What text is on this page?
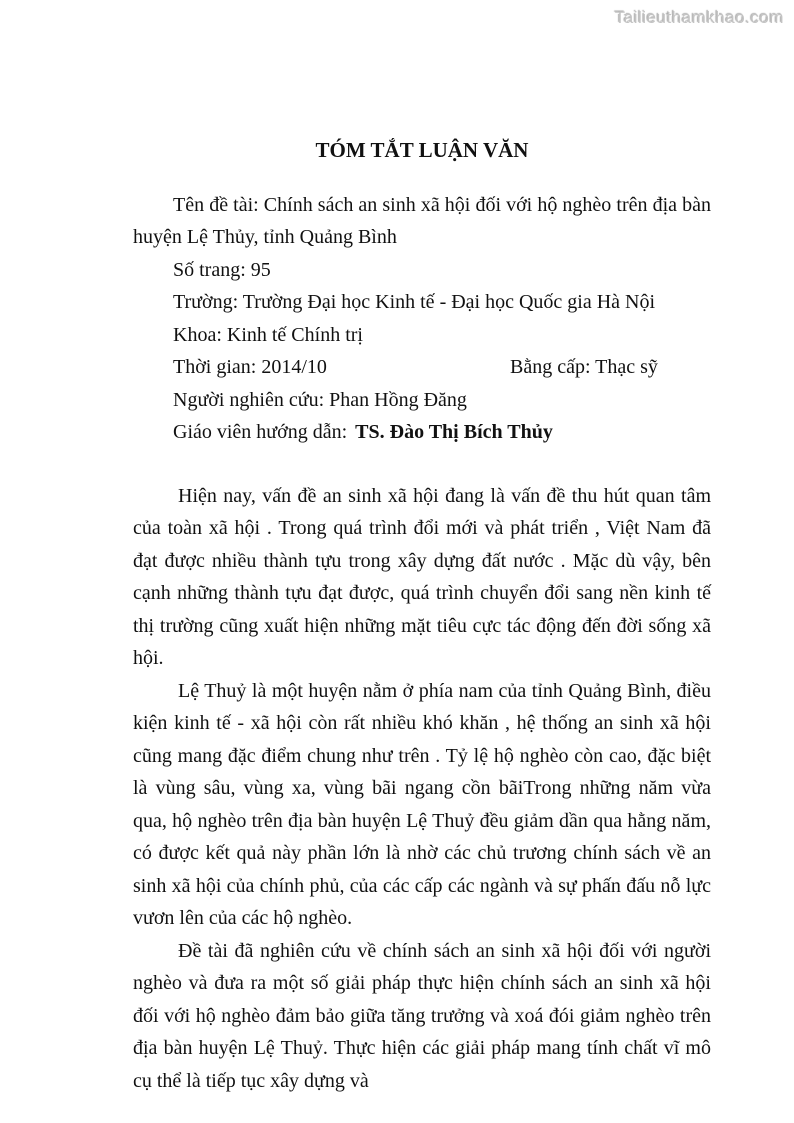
Tailieuthamkhao.com
TÓM TẮT LUẬN VĂN

Tên đề tài: Chính sách an sinh xã hội đối với hộ nghèo trên địa bàn huyện Lệ Thủy, tỉnh Quảng Bình

Số trang: 95

Trường: Trường Đại học Kinh tế - Đại học Quốc gia Hà Nội

Khoa: Kinh tế Chính trị

Thời gian: 2014/10	Bằng cấp: Thạc sỹ

Người nghiên cứu: Phan Hồng Đăng

Giáo viên hướng dẫn: TS. Đào Thị Bích Thủy

Hiện nay, vấn đề an sinh xã hội đang là vấn đề thu hút quan tâm của toàn xã hội . Trong quá trình đổi mới và phát triển , Việt Nam đã đạt được nhiều thành tựu trong xây dựng đất nước . Mặc dù vậy, bên cạnh những thành tựu đạt được, quá trình chuyển đổi sang nền kinh tế thị trường cũng xuất hiện những mặt tiêu cực tác động đến đời sống xã hội.

Lệ Thuỷ là một huyện nằm ở phía nam của tỉnh Quảng Bình, điều kiện kinh tế - xã hội còn rất nhiều khó khăn , hệ thống an sinh xã hội cũng mang đặc điểm chung như trên . Tỷ lệ hộ nghèo còn cao, đặc biệt là vùng sâu, vùng xa, vùng bãi ngang cồn bãiTrong những năm vừa qua, hộ nghèo trên địa bàn huyện Lệ Thuỷ đều giảm dần qua hằng năm, có được kết quả này phần lớn là nhờ các chủ trương chính sách về an sinh xã hội của chính phủ, của các cấp các ngành và sự phấn đấu nỗ lực vươn lên của các hộ nghèo.

Đề tài đã nghiên cứu về chính sách an sinh xã hội đối với người nghèo và đưa ra một số giải pháp thực hiện chính sách an sinh xã hội đối với hộ nghèo đảm bảo giữa tăng trưởng và xoá đói giảm nghèo trên địa bàn huyện Lệ Thuỷ. Thực hiện các giải pháp mang tính chất vĩ mô cụ thể là tiếp tục xây dựng và
